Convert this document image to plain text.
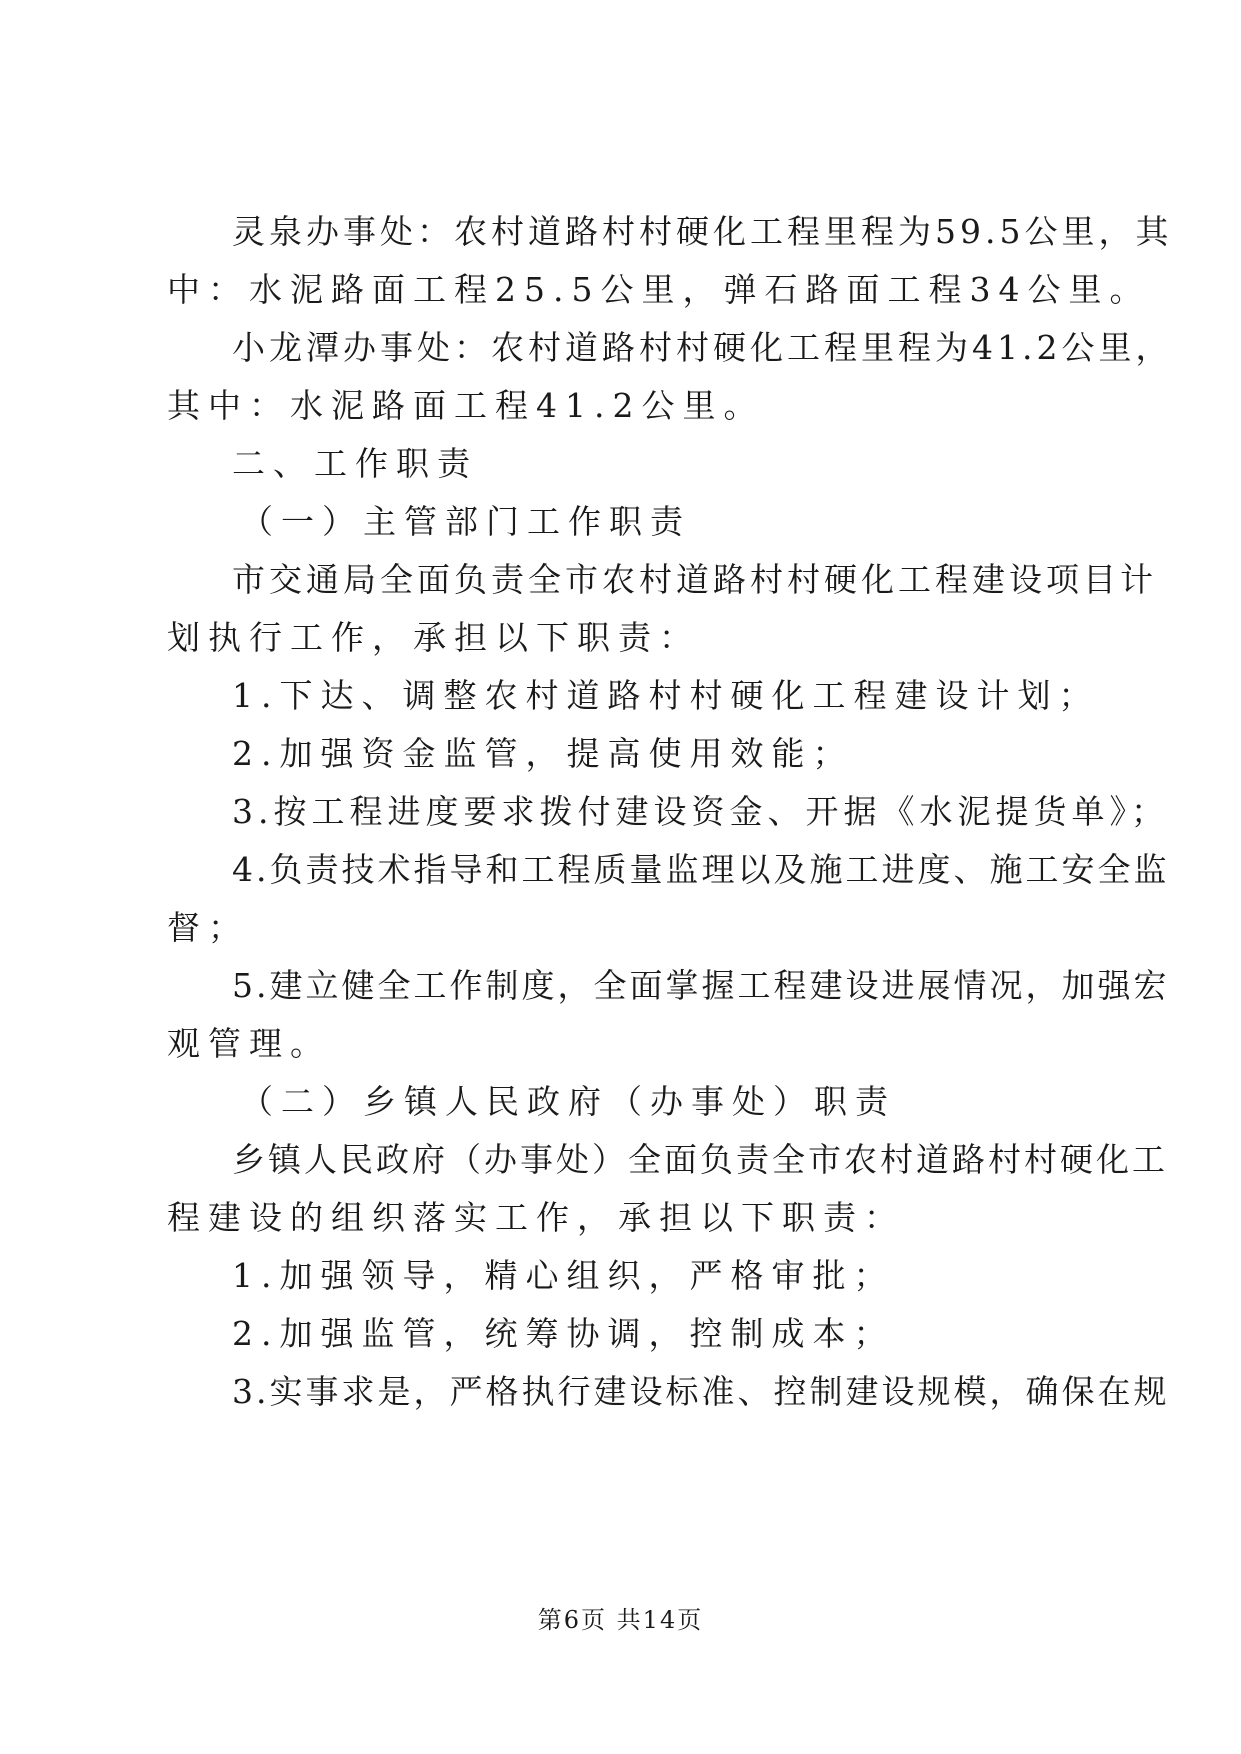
灵泉办事处：农村道路村村硬化工程里程为59.5公里，其
中：水泥路面工程25.5公里，弹石路面工程34公里。
小龙潭办事处：农村道路村村硬化工程里程为41.2公里，
其中：水泥路面工程41.2公里。
二、工作职责
（一）主管部门工作职责
市交通局全面负责全市农村道路村村硬化工程建设项目计
划执行工作，承担以下职责：
1.下达、调整农村道路村村硬化工程建设计划；
2.加强资金监管，提高使用效能；
3.按工程进度要求拨付建设资金、开据《水泥提货单》；
4.负责技术指导和工程质量监理以及施工进度、施工安全监
督；
5.建立健全工作制度，全面掌握工程建设进展情况，加强宏
观管理。
（二）乡镇人民政府（办事处）职责
乡镇人民政府（办事处）全面负责全市农村道路村村硬化工
程建设的组织落实工作，承担以下职责：
1.加强领导，精心组织，严格审批；
2.加强监管，统筹协调，控制成本；
3.实事求是，严格执行建设标准、控制建设规模，确保在规
第6页 共14页
